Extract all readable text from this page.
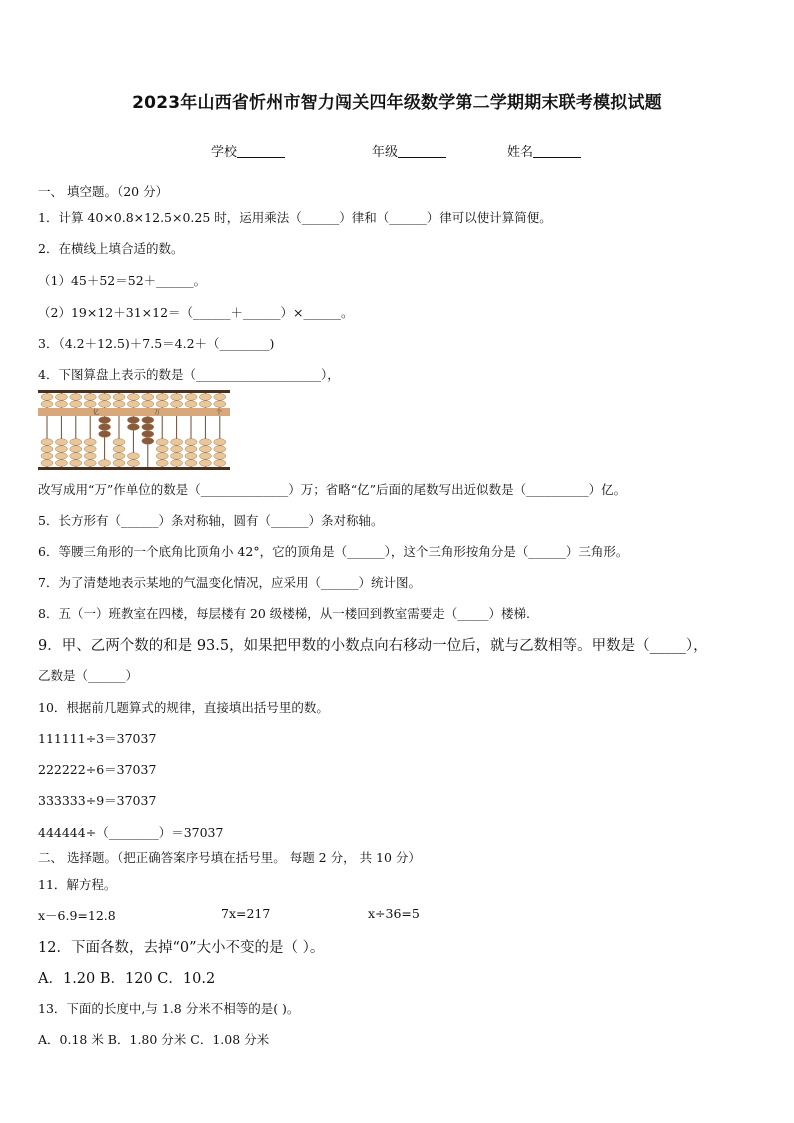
2023年山西省忻州市智力闯关四年级数学第二学期期末联考模拟试题
学校	年级	姓名
一、 填空题。（20 分）
1．计算 40×0.8×12.5×0.25 时，运用乘法（______）律和（______）律可以使计算简便。
2．在横线上填合适的数。
（1）45＋52＝52＋______。
（2）19×12＋31×12＝（______＋______）×______。
3．（4.2＋12.5)＋7.5＝4.2＋（________)
4．下图算盘上表示的数是（____________________），
亿	万	个
改写成用“万”作单位的数是（______________）万；省略“亿”后面的尾数写出近似数是（__________）亿。
5．长方形有（______）条对称轴，圆有（______）条对称轴。
6．等腰三角形的一个底角比顶角小 42°，它的顶角是（______），这个三角形按角分是（______）三角形。
7．为了清楚地表示某地的气温变化情况，应采用（______）统计图。
8．五（一）班教室在四楼，每层楼有 20 级楼梯，从一楼回到教室需要走（_____）楼梯.
9．甲、乙两个数的和是 93.5，如果把甲数的小数点向右移动一位后，就与乙数相等。甲数是（_____），
乙数是（______）
10．根据前几题算式的规律，直接填出括号里的数。
111111÷3＝37037
222222÷6＝37037
333333÷9＝37037
444444÷（________）＝37037
二、 选择题。（把正确答案序号填在括号里。 每题 2 分， 共 10 分）
11．解方程。
x－6.9=12.8	7x=217	x÷36=5
12．下面各数，去掉“0”大小不变的是（ ）。
A．1.20 B．120 C．10.2
13．下面的长度中,与 1.8 分米不相等的是( )。
A．0.18 米 B．1.80 分米 C．1.08 分米
